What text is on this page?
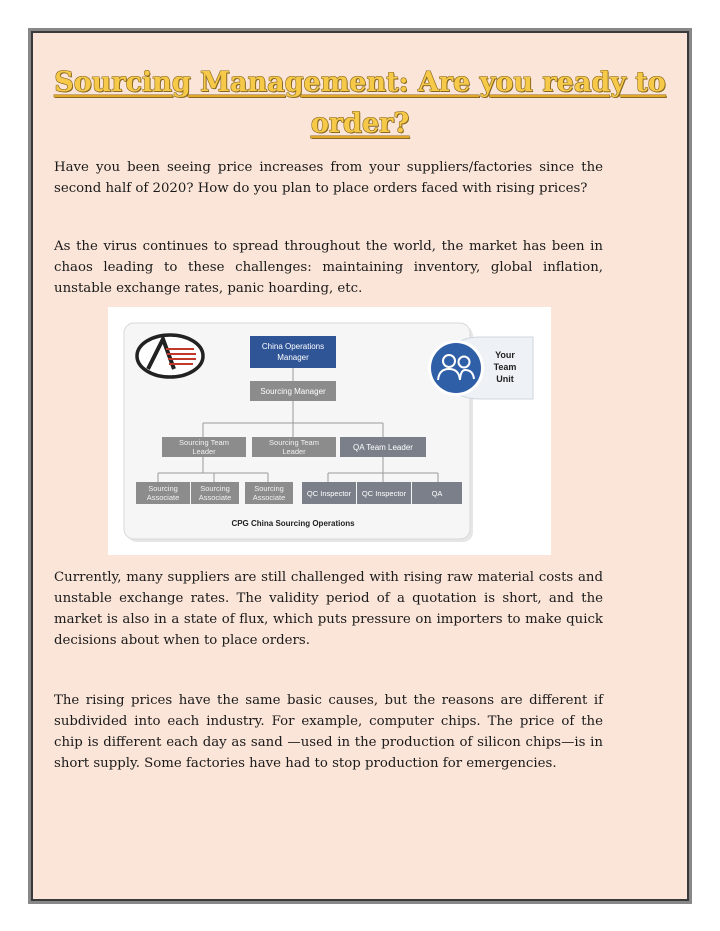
Sourcing Management: Are you ready to order?

Have you been seeing price increases from your suppliers/factories since the second half of 2020? How do you plan to place orders faced with rising prices?

As the virus continues to spread throughout the world, the market has been in chaos leading to these challenges: maintaining inventory, global inflation, unstable exchange rates, panic hoarding, etc.

China Operations
Manager
Sourcing Manager
Sourcing Team
Leader
Sourcing Team
Leader	QA Team Leader
Sourcing
Associate
Sourcing
Associate
Sourcing
Associate	QC Inspector QC Inspector	QA
CPG China Sourcing Operations
Your
Team
Unit

Currently, many suppliers are still challenged with rising raw material costs and unstable exchange rates. The validity period of a quotation is short, and the market is also in a state of flux, which puts pressure on importers to make quick decisions about when to place orders.

The rising prices have the same basic causes, but the reasons are different if subdivided into each industry. For example, computer chips. The price of the chip is different each day as sand —used in the production of silicon chips—is in short supply. Some factories have had to stop production for emergencies.
